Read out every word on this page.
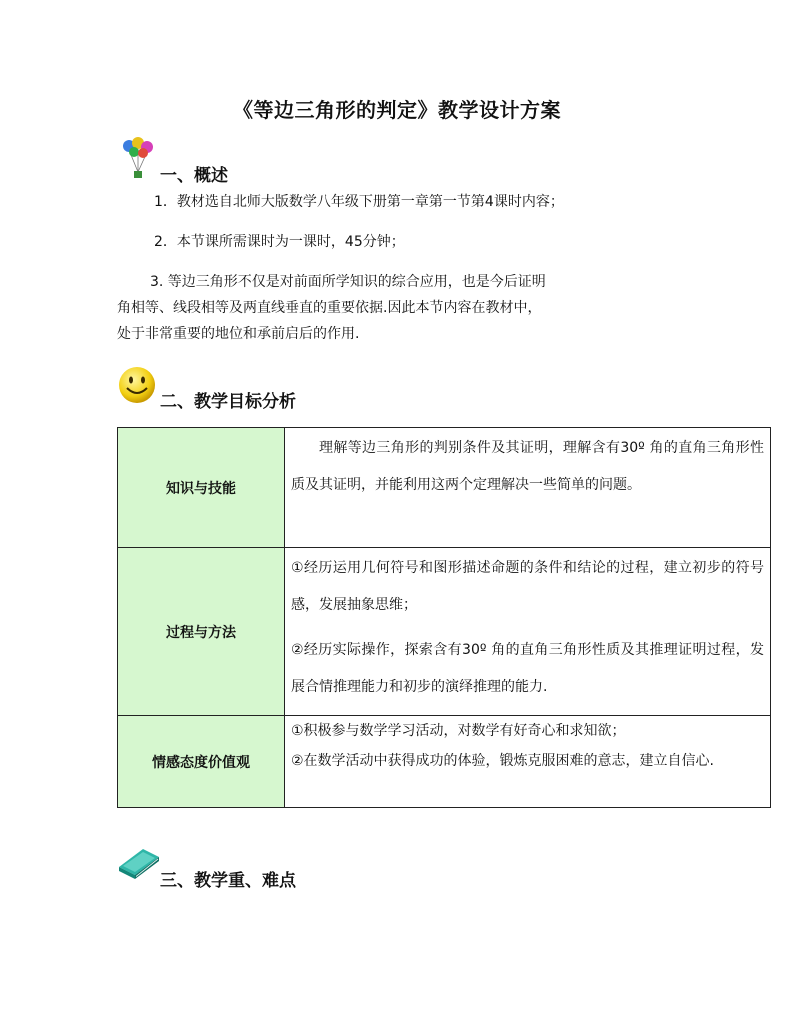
《等边三角形的判定》教学设计方案
一、概述
1．教材选自北师大版数学八年级下册第一章第一节第4课时内容；
2．本节课所需课时为一课时，45分钟；
3. 等边三角形不仅是对前面所学知识的综合应用，也是今后证明
角相等、线段相等及两直线垂直的重要依据.因此本节内容在教材中，
处于非常重要的地位和承前启后的作用.
二、教学目标分析
知识与技能	理解等边三角形的判别条件及其证明，理解含有30º 角的直角三角形性质及其证明，并能利用这两个定理解决一些简单的问题。

过程与方法	①经历运用几何符号和图形描述命题的条件和结论的过程，建立初步的符号感，发展抽象思维；
②经历实际操作，探索含有30º 角的直角三角形性质及其推理证明过程，发展合情推理能力和初步的演绎推理的能力.

情感态度价值观	①积极参与数学学习活动，对数学有好奇心和求知欲；
②在数学活动中获得成功的体验，锻炼克服困难的意志，建立自信心.
三、教学重、难点
